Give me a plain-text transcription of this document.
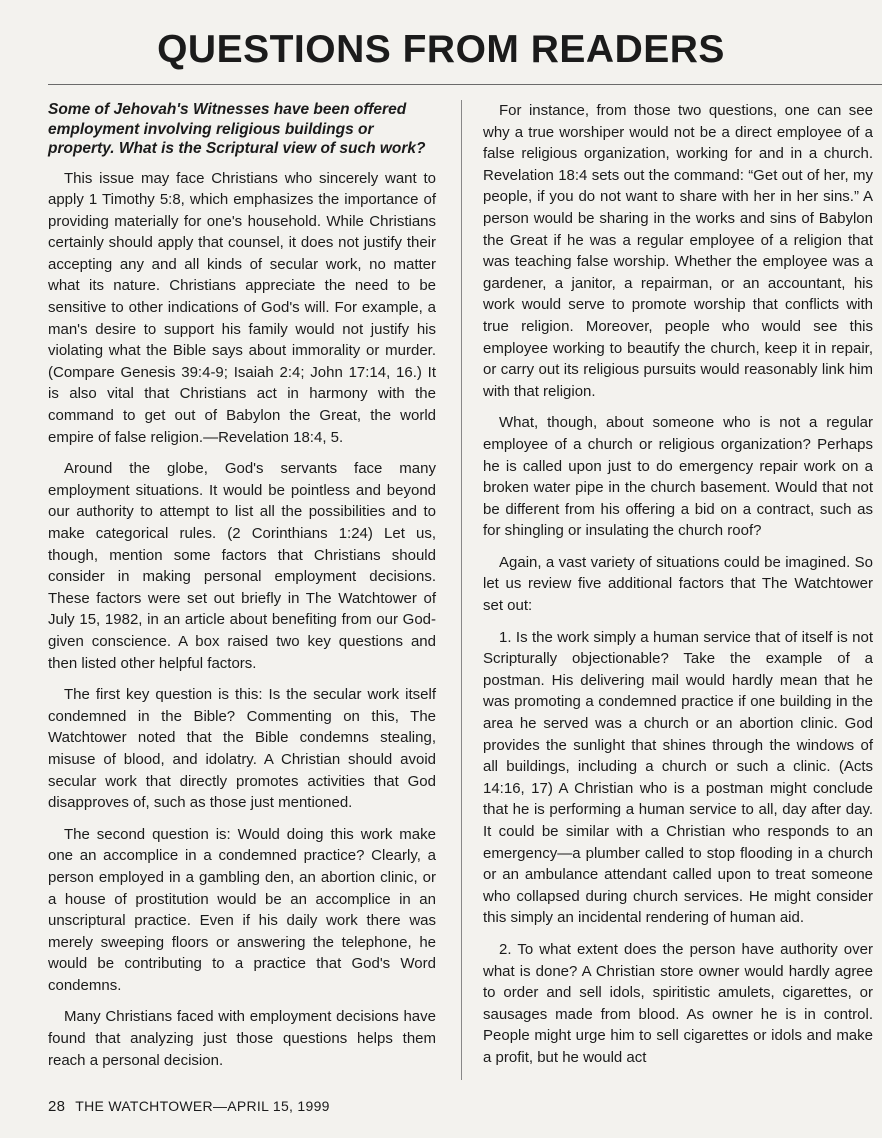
QUESTIONS FROM READERS

Some of Jehovah's Witnesses have been offered employment involving religious buildings or property. What is the Scriptural view of such work?

This issue may face Christians who sincerely want to apply 1 Timothy 5:8, which emphasizes the importance of providing materially for one's household. While Christians certainly should apply that counsel, it does not justify their accepting any and all kinds of secular work, no matter what its nature. Christians appreciate the need to be sensitive to other indications of God's will. For example, a man's desire to support his family would not justify his violating what the Bible says about immorality or murder. (Compare Genesis 39:4-9; Isaiah 2:4; John 17:14, 16.) It is also vital that Christians act in harmony with the command to get out of Babylon the Great, the world empire of false religion.—Revelation 18:4, 5.

Around the globe, God's servants face many employment situations. It would be pointless and beyond our authority to attempt to list all the possibilities and to make categorical rules. (2 Corinthians 1:24) Let us, though, mention some factors that Christians should consider in making personal employment decisions. These factors were set out briefly in The Watchtower of July 15, 1982, in an article about benefiting from our God-given conscience. A box raised two key questions and then listed other helpful factors.

The first key question is this: Is the secular work itself condemned in the Bible? Commenting on this, The Watchtower noted that the Bible condemns stealing, misuse of blood, and idolatry. A Christian should avoid secular work that directly promotes activities that God disapproves of, such as those just mentioned.

The second question is: Would doing this work make one an accomplice in a condemned practice? Clearly, a person employed in a gambling den, an abortion clinic, or a house of prostitution would be an accomplice in an unscriptural practice. Even if his daily work there was merely sweeping floors or answering the telephone, he would be contributing to a practice that God's Word condemns.

Many Christians faced with employment decisions have found that analyzing just those questions helps them reach a personal decision.

For instance, from those two questions, one can see why a true worshiper would not be a direct employee of a false religious organization, working for and in a church. Revelation 18:4 sets out the command: “Get out of her, my people, if you do not want to share with her in her sins.” A person would be sharing in the works and sins of Babylon the Great if he was a regular employee of a religion that was teaching false worship. Whether the employee was a gardener, a janitor, a repairman, or an accountant, his work would serve to promote worship that conflicts with true religion. Moreover, people who would see this employee working to beautify the church, keep it in repair, or carry out its religious pursuits would reasonably link him with that religion.

What, though, about someone who is not a regular employee of a church or religious organization? Perhaps he is called upon just to do emergency repair work on a broken water pipe in the church basement. Would that not be different from his offering a bid on a contract, such as for shingling or insulating the church roof?

Again, a vast variety of situations could be imagined. So let us review five additional factors that The Watchtower set out:

1. Is the work simply a human service that of itself is not Scripturally objectionable? Take the example of a postman. His delivering mail would hardly mean that he was promoting a condemned practice if one building in the area he served was a church or an abortion clinic. God provides the sunlight that shines through the windows of all buildings, including a church or such a clinic. (Acts 14:16, 17) A Christian who is a postman might conclude that he is performing a human service to all, day after day. It could be similar with a Christian who responds to an emergency—a plumber called to stop flooding in a church or an ambulance attendant called upon to treat someone who collapsed during church services. He might consider this simply an incidental rendering of human aid.

2. To what extent does the person have authority over what is done? A Christian store owner would hardly agree to order and sell idols, spiritistic amulets, cigarettes, or sausages made from blood. As owner he is in control. People might urge him to sell cigarettes or idols and make a profit, but he would act

28 THE WATCHTOWER—APRIL 15, 1999
